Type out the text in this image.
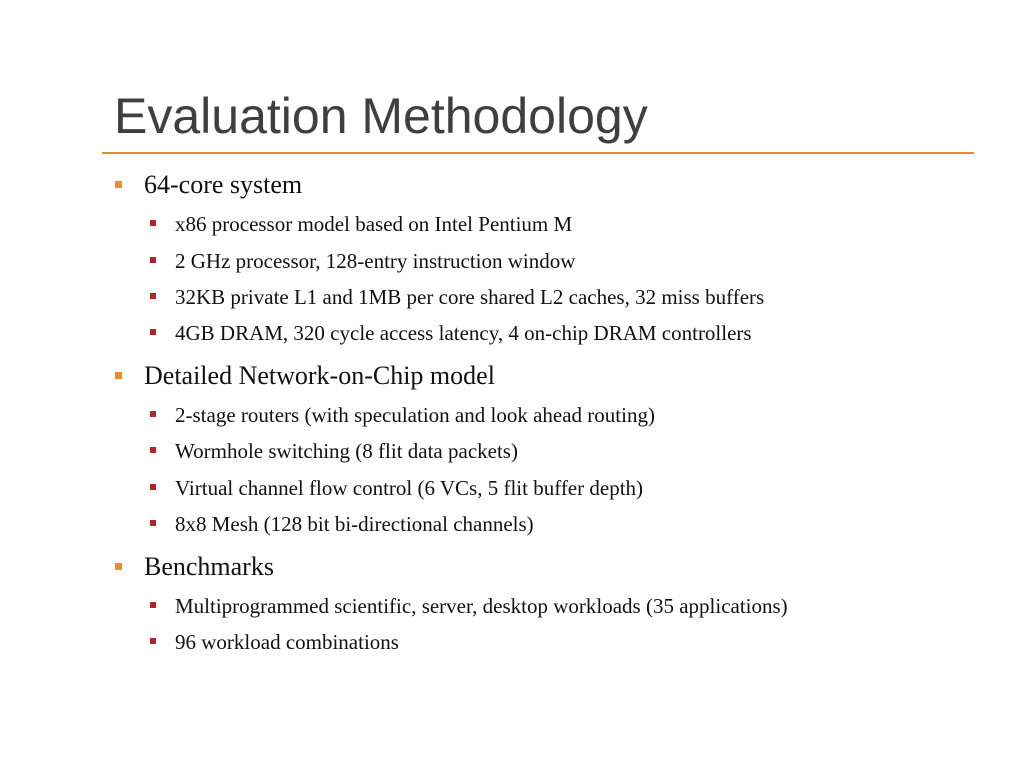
Evaluation Methodology
64-core system
x86 processor model based on Intel Pentium M
2 GHz processor, 128-entry instruction window
32KB private L1 and 1MB per core shared L2 caches, 32 miss buffers
4GB DRAM, 320 cycle access latency, 4 on-chip DRAM controllers
Detailed Network-on-Chip model
2-stage routers (with speculation and look ahead routing)
Wormhole switching (8 flit data packets)
Virtual channel flow control (6 VCs, 5 flit buffer depth)
8x8 Mesh (128 bit bi-directional channels)
Benchmarks
Multiprogrammed scientific, server, desktop workloads (35 applications)
96 workload combinations
